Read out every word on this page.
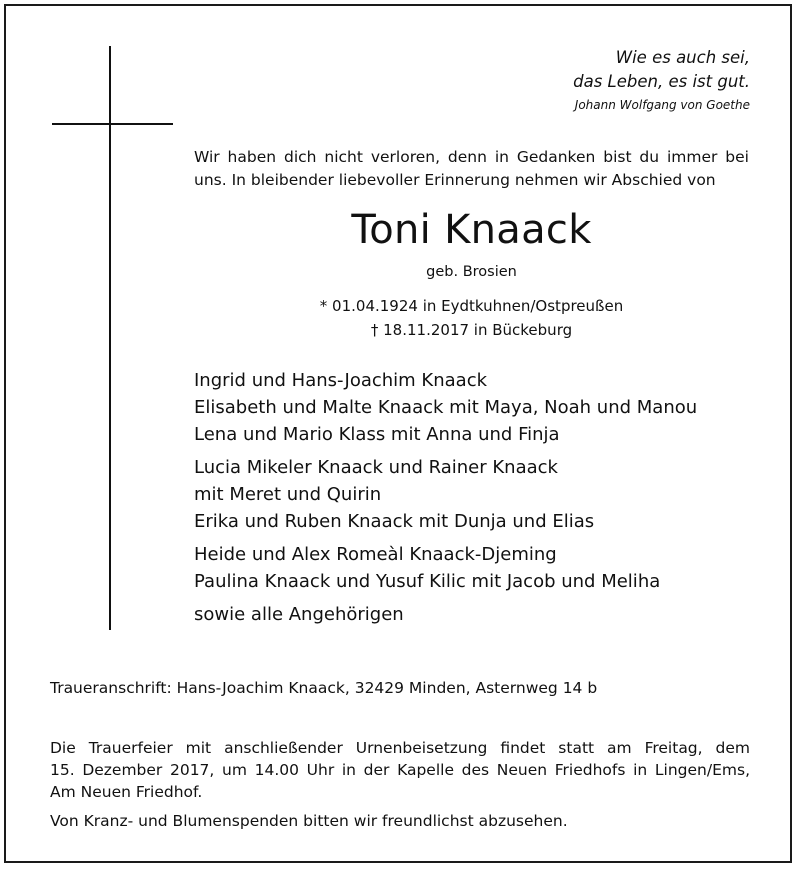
Wie es auch sei,
das Leben, es ist gut.
Johann Wolfgang von Goethe
Wir haben dich nicht verloren, denn in Gedanken bist du immer bei
uns. In bleibender liebevoller Erinnerung nehmen wir Abschied von
Toni Knaack
geb. Brosien
* 01.04.1924 in Eydtkuhnen/Ostpreußen
† 18.11.2017 in Bückeburg
Ingrid und Hans-Joachim Knaack
Elisabeth und Malte Knaack mit Maya, Noah und Manou
Lena und Mario Klass mit Anna und Finja
Lucia Mikeler Knaack und Rainer Knaack
mit Meret und Quirin
Erika und Ruben Knaack mit Dunja und Elias
Heide und Alex Romeàl Knaack-Djeming
Paulina Knaack und Yusuf Kilic mit Jacob und Meliha
sowie alle Angehörigen
Traueranschrift: Hans-Joachim Knaack, 32429 Minden, Asternweg 14 b
Die Trauerfeier mit anschließender Urnenbeisetzung findet statt am Freitag, dem
15. Dezember 2017, um 14.00 Uhr in der Kapelle des Neuen Friedhofs in Lingen/Ems,
Am Neuen Friedhof.
Von Kranz- und Blumenspenden bitten wir freundlichst abzusehen.
